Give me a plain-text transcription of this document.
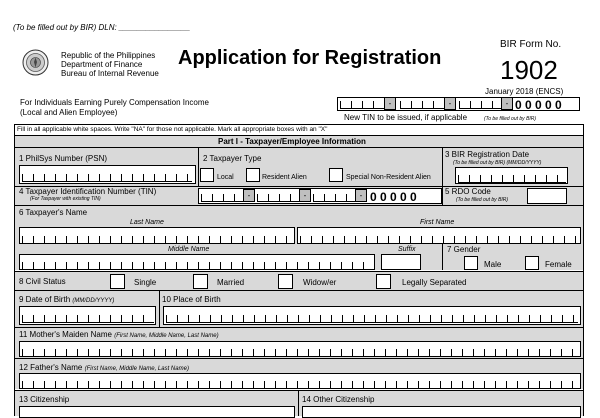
(To be filled out by BIR) DLN: ________________
Republic of the Philippines
Department of Finance
Bureau of Internal Revenue
Application for Registration
BIR Form No.
1902
January 2018 (ENCS)
-	-	- 0 0 0 0 0
For Individuals Earning Purely Compensation Income
(Local and Alien Employee)
New TIN to be issued, if applicable	(To be filled out by BIR)
Fill in all applicable white spaces. Write "NA" for those not applicable. Mark all appropriate boxes with an "X"
Part I - Taxpayer/Employee Information
1 PhilSys Number (PSN)	2 Taxpayer Type
Local	Resident Alien	Special Non-Resident Alien
3 BIR Registration Date
(To be filled out by BIR) (MM/DD/YYYY)
4 Taxpayer Identification Number (TIN)
(For Taxpayer with existing TIN)	-	-	- 0 0 0 0 0	5 RDO Code
(To be filled out by BIR)
6 Taxpayer's Name
Last Name	First Name
Middle Name	Suffix	7 Gender
Male	Female
8 Civil Status	Single	Married	Widow/er	Legally Separated
9 Date of Birth (MM/DD/YYYY)	10 Place of Birth
11 Mother's Maiden Name (First Name, Middle Name, Last Name)
12 Father's Name (First Name, Middle Name, Last Name)
13 Citizenship	14 Other Citizenship
